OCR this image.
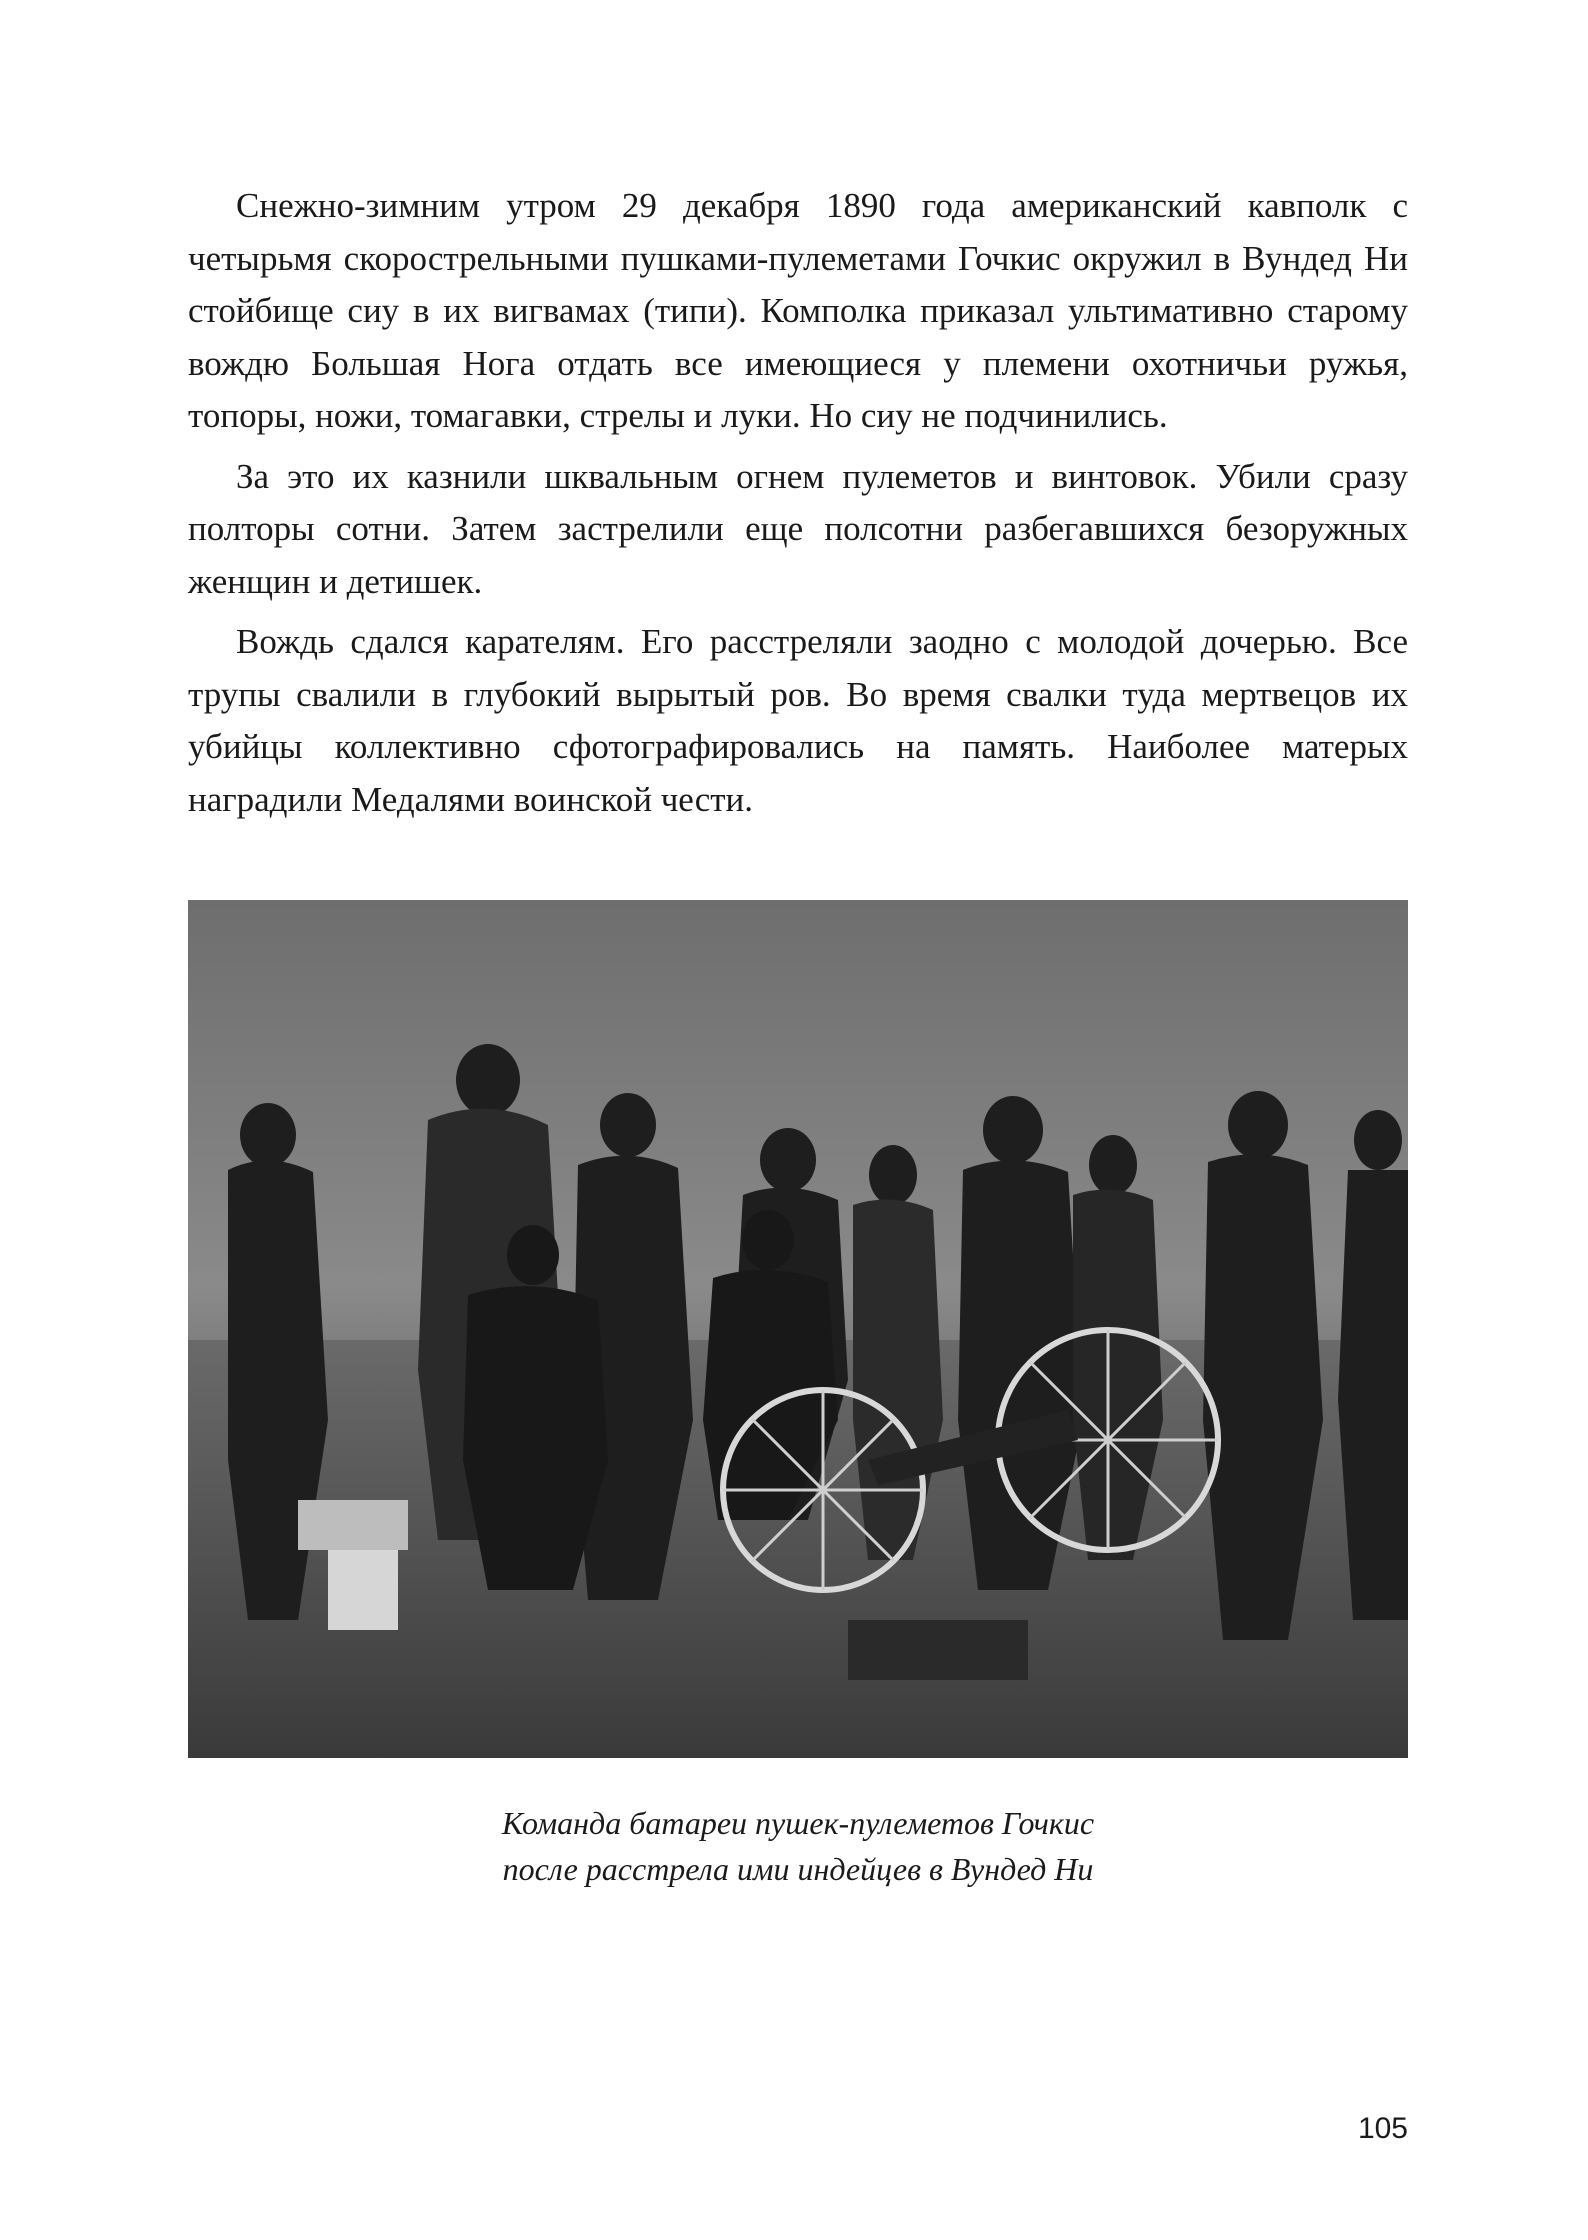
Снежно-зимним утром 29 декабря 1890 года американский кавполк с четырьмя скорострельными пушками-пулеметами Гочкис окружил в Вундед Ни стойбище сиу в их вигвамах (типи). Комполка приказал ультимативно старому вождю Большая Нога отдать все имеющиеся у племени охотничьи ружья, топоры, ножи, томагавки, стрелы и луки. Но сиу не подчинились.

За это их казнили шквальным огнем пулеметов и винтовок. Убили сразу полторы сотни. Затем застрелили еще полсотни разбегавшихся безоружных женщин и детишек.

Вождь сдался карателям. Его расстреляли заодно с молодой дочерью. Все трупы свалили в глубокий вырытый ров. Во время свалки туда мертвецов их убийцы коллективно сфотографировались на память. Наиболее матерых наградили Медалями воинской чести.

Команда батареи пушек-пулеметов Гочкис
после расстрела ими индейцев в Вундед Ни
105
